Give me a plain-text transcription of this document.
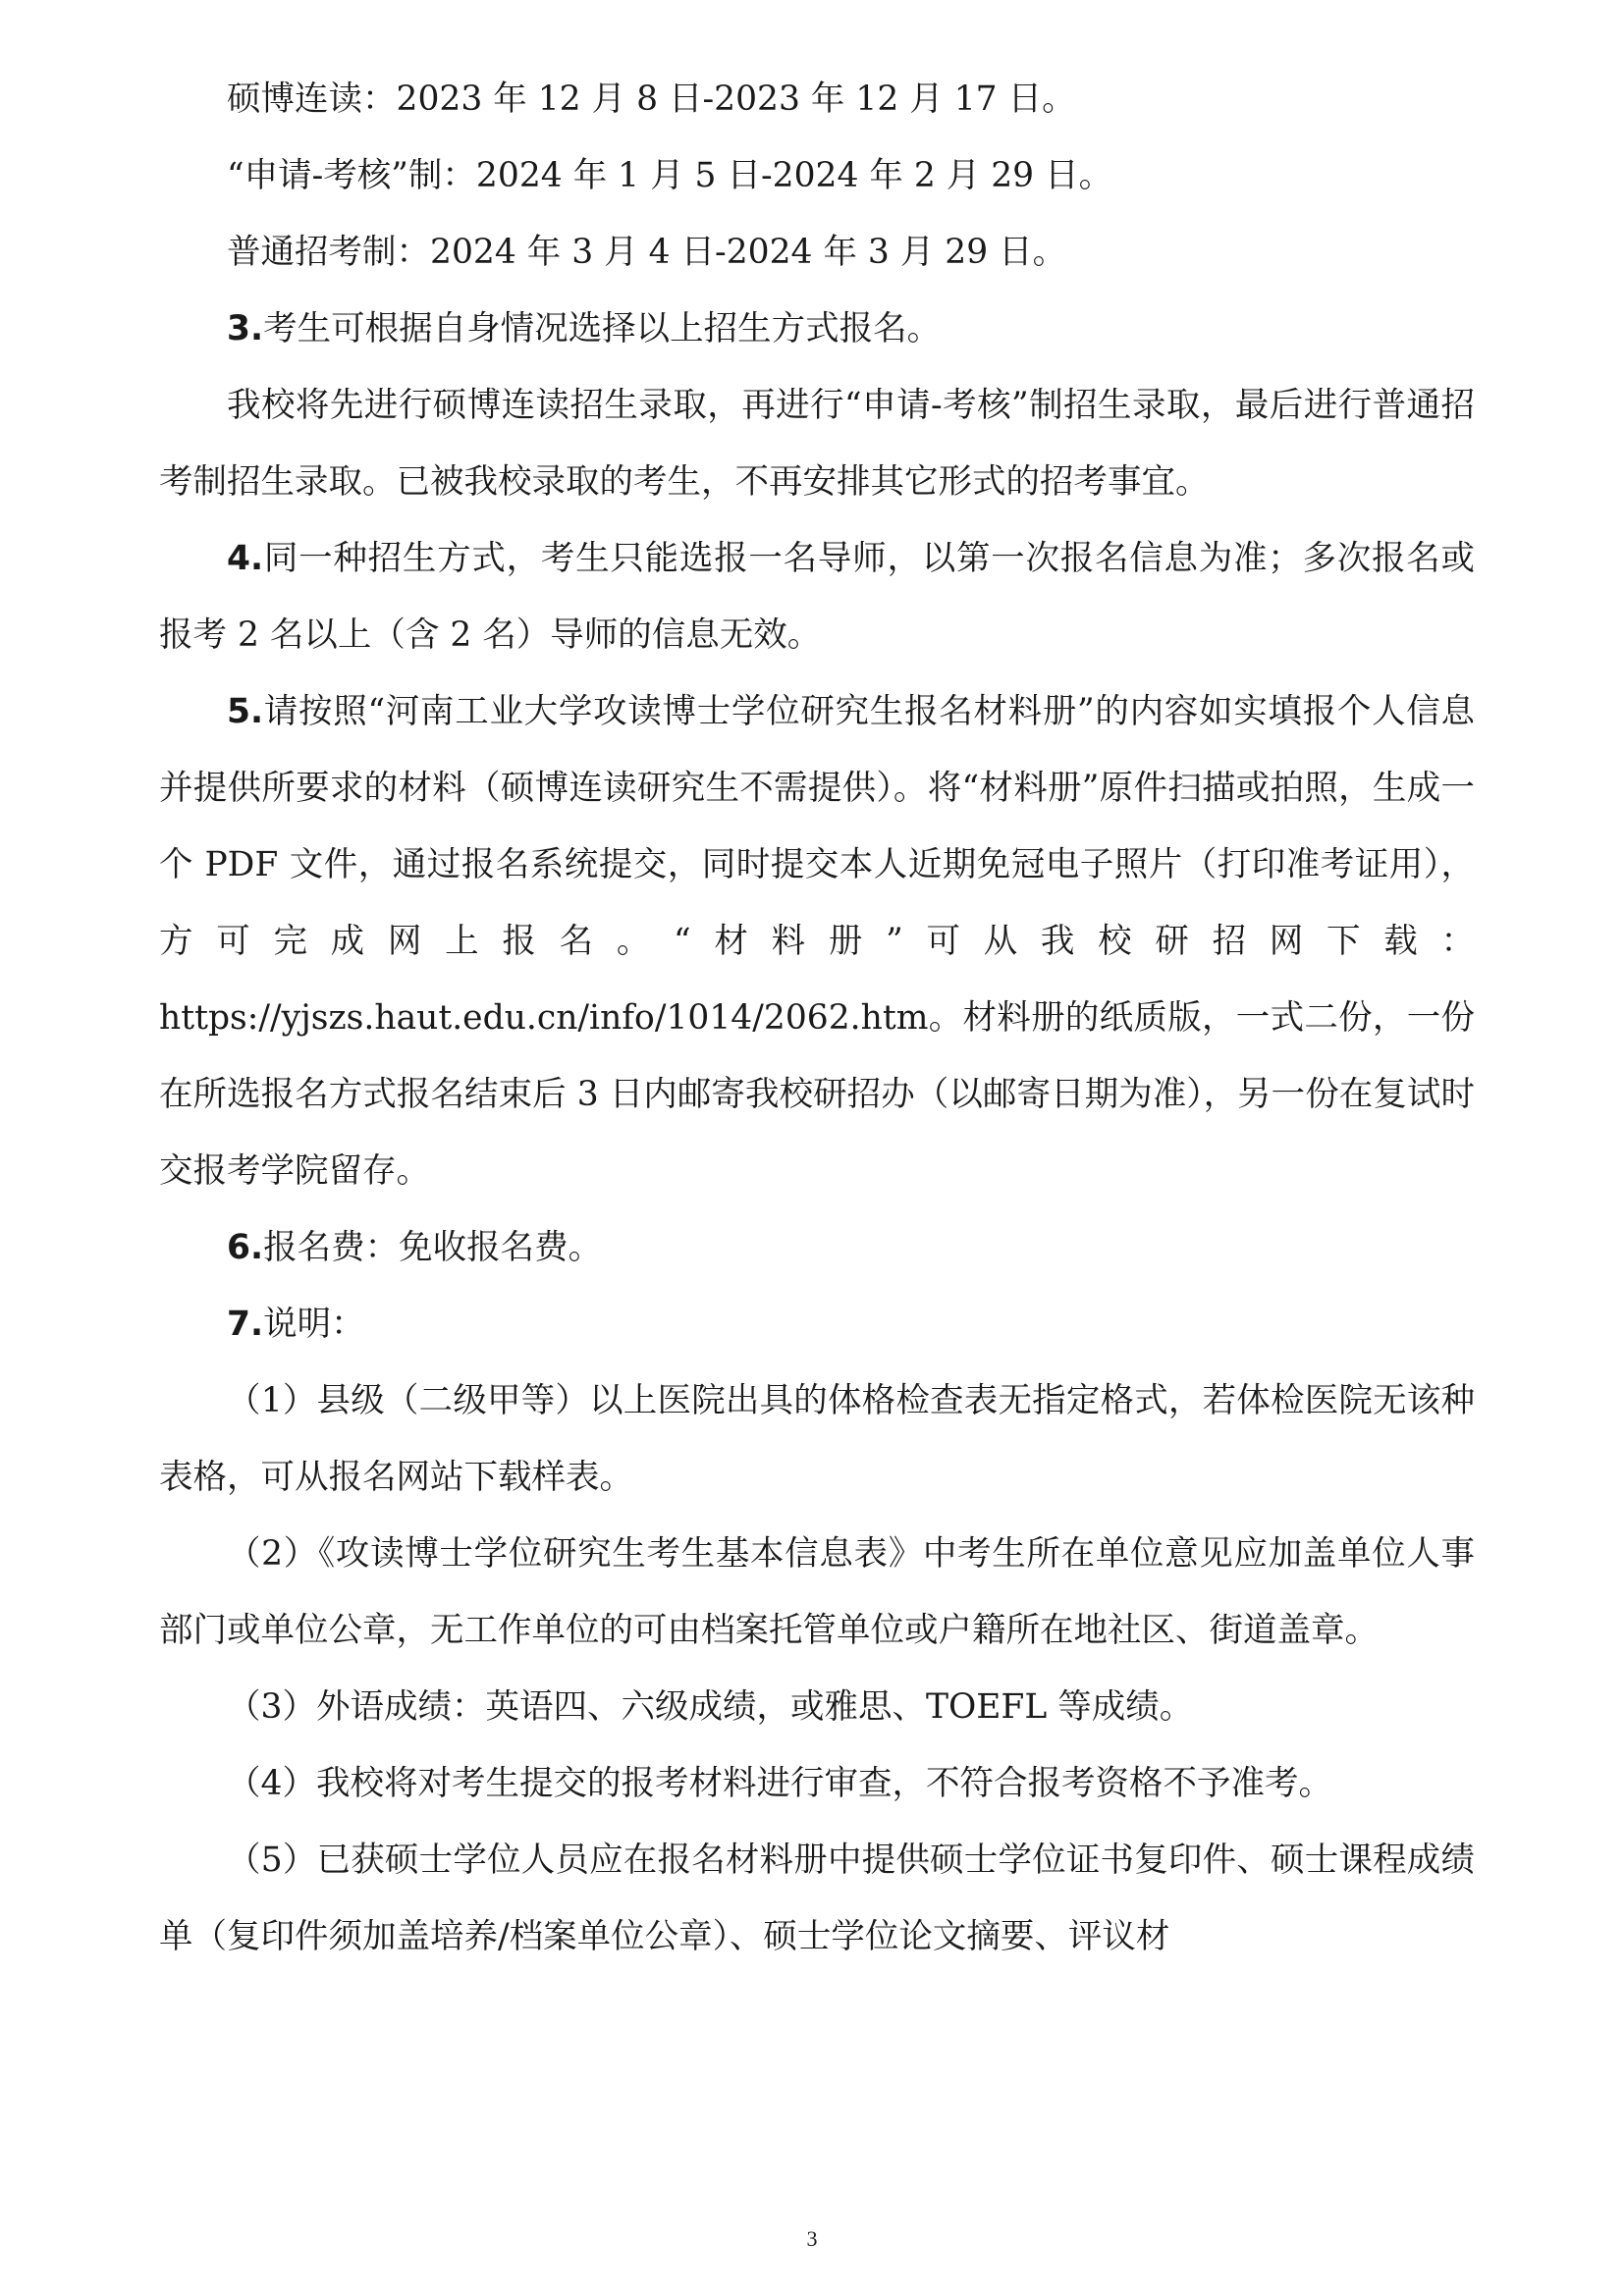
硕博连读：2023 年 12 月 8 日-2023 年 12 月 17 日。

“申请-考核”制：2024 年 1 月 5 日-2024 年 2 月 29 日。

普通招考制：2024 年 3 月 4 日-2024 年 3 月 29 日。

3.考生可根据自身情况选择以上招生方式报名。

我校将先进行硕博连读招生录取，再进行“申请-考核”制招生录取，最后进行普通招考制招生录取。已被我校录取的考生，不再安排其它形式的招考事宜。

4.同一种招生方式，考生只能选报一名导师，以第一次报名信息为准；多次报名或报考 2 名以上（含 2 名）导师的信息无效。

5.请按照“河南工业大学攻读博士学位研究生报名材料册”的内容如实填报个人信息并提供所要求的材料（硕博连读研究生不需提供）。将“材料册”原件扫描或拍照，生成一个 PDF 文件，通过报名系统提交，同时提交本人近期免冠电子照片（打印准考证用），方可完成网上报名。“材料册”可从我校研招网下载：https://yjszs.haut.edu.cn/info/1014/2062.htm。材料册的纸质版，一式二份，一份在所选报名方式报名结束后 3 日内邮寄我校研招办（以邮寄日期为准），另一份在复试时交报考学院留存。

6.报名费：免收报名费。

7.说明：

（1）县级（二级甲等）以上医院出具的体格检查表无指定格式，若体检医院无该种表格，可从报名网站下载样表。

（2）《攻读博士学位研究生考生基本信息表》中考生所在单位意见应加盖单位人事部门或单位公章，无工作单位的可由档案托管单位或户籍所在地社区、街道盖章。

（3）外语成绩：英语四、六级成绩，或雅思、TOEFL 等成绩。

（4）我校将对考生提交的报考材料进行审查，不符合报考资格不予准考。

（5）已获硕士学位人员应在报名材料册中提供硕士学位证书复印件、硕士课程成绩单（复印件须加盖培养/档案单位公章）、硕士学位论文摘要、评议材

3
